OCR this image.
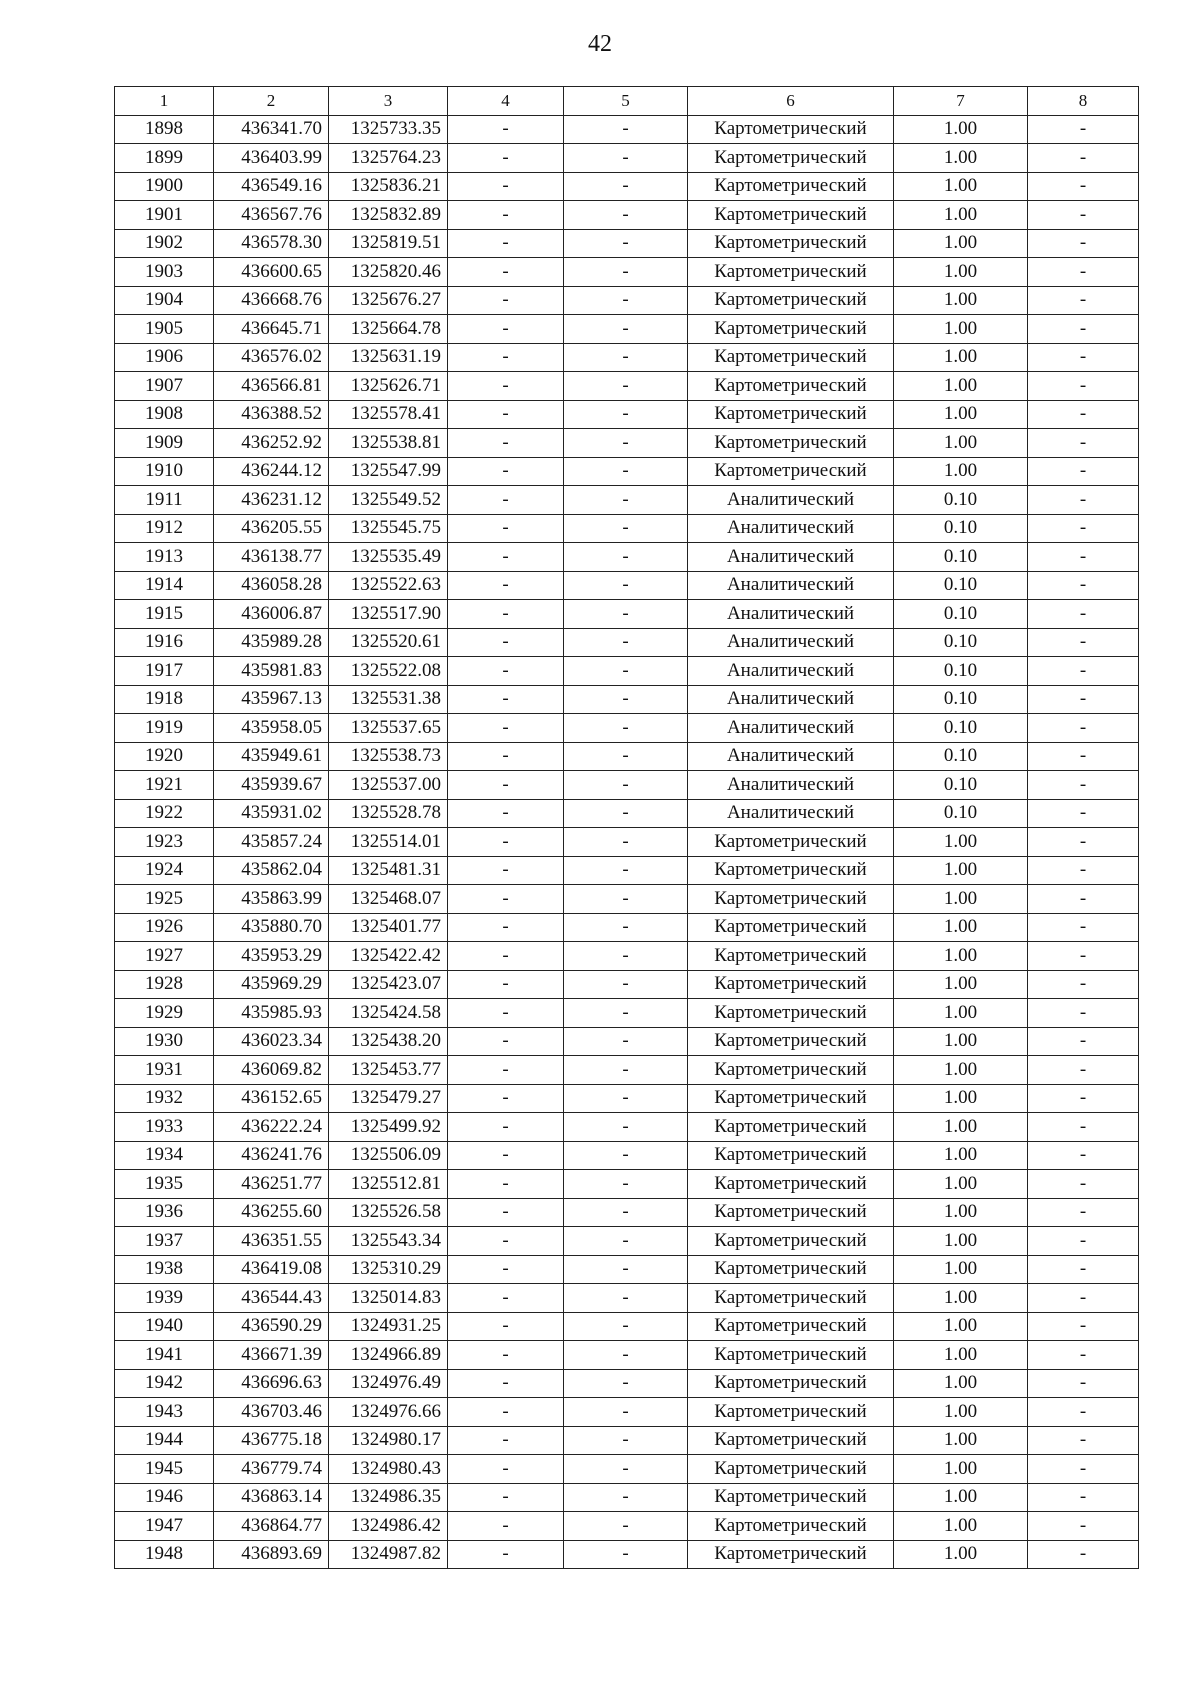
42
1	2	3	4	5	6	7	8
1898	436341.70	1325733.35	-	-	Картометрический	1.00	-
1899	436403.99	1325764.23	-	-	Картометрический	1.00	-
1900	436549.16	1325836.21	-	-	Картометрический	1.00	-
1901	436567.76	1325832.89	-	-	Картометрический	1.00	-
1902	436578.30	1325819.51	-	-	Картометрический	1.00	-
1903	436600.65	1325820.46	-	-	Картометрический	1.00	-
1904	436668.76	1325676.27	-	-	Картометрический	1.00	-
1905	436645.71	1325664.78	-	-	Картометрический	1.00	-
1906	436576.02	1325631.19	-	-	Картометрический	1.00	-
1907	436566.81	1325626.71	-	-	Картометрический	1.00	-
1908	436388.52	1325578.41	-	-	Картометрический	1.00	-
1909	436252.92	1325538.81	-	-	Картометрический	1.00	-
1910	436244.12	1325547.99	-	-	Картометрический	1.00	-
1911	436231.12	1325549.52	-	-	Аналитический	0.10	-
1912	436205.55	1325545.75	-	-	Аналитический	0.10	-
1913	436138.77	1325535.49	-	-	Аналитический	0.10	-
1914	436058.28	1325522.63	-	-	Аналитический	0.10	-
1915	436006.87	1325517.90	-	-	Аналитический	0.10	-
1916	435989.28	1325520.61	-	-	Аналитический	0.10	-
1917	435981.83	1325522.08	-	-	Аналитический	0.10	-
1918	435967.13	1325531.38	-	-	Аналитический	0.10	-
1919	435958.05	1325537.65	-	-	Аналитический	0.10	-
1920	435949.61	1325538.73	-	-	Аналитический	0.10	-
1921	435939.67	1325537.00	-	-	Аналитический	0.10	-
1922	435931.02	1325528.78	-	-	Аналитический	0.10	-
1923	435857.24	1325514.01	-	-	Картометрический	1.00	-
1924	435862.04	1325481.31	-	-	Картометрический	1.00	-
1925	435863.99	1325468.07	-	-	Картометрический	1.00	-
1926	435880.70	1325401.77	-	-	Картометрический	1.00	-
1927	435953.29	1325422.42	-	-	Картометрический	1.00	-
1928	435969.29	1325423.07	-	-	Картометрический	1.00	-
1929	435985.93	1325424.58	-	-	Картометрический	1.00	-
1930	436023.34	1325438.20	-	-	Картометрический	1.00	-
1931	436069.82	1325453.77	-	-	Картометрический	1.00	-
1932	436152.65	1325479.27	-	-	Картометрический	1.00	-
1933	436222.24	1325499.92	-	-	Картометрический	1.00	-
1934	436241.76	1325506.09	-	-	Картометрический	1.00	-
1935	436251.77	1325512.81	-	-	Картометрический	1.00	-
1936	436255.60	1325526.58	-	-	Картометрический	1.00	-
1937	436351.55	1325543.34	-	-	Картометрический	1.00	-
1938	436419.08	1325310.29	-	-	Картометрический	1.00	-
1939	436544.43	1325014.83	-	-	Картометрический	1.00	-
1940	436590.29	1324931.25	-	-	Картометрический	1.00	-
1941	436671.39	1324966.89	-	-	Картометрический	1.00	-
1942	436696.63	1324976.49	-	-	Картометрический	1.00	-
1943	436703.46	1324976.66	-	-	Картометрический	1.00	-
1944	436775.18	1324980.17	-	-	Картометрический	1.00	-
1945	436779.74	1324980.43	-	-	Картометрический	1.00	-
1946	436863.14	1324986.35	-	-	Картометрический	1.00	-
1947	436864.77	1324986.42	-	-	Картометрический	1.00	-
1948	436893.69	1324987.82	-	-	Картометрический	1.00	-
